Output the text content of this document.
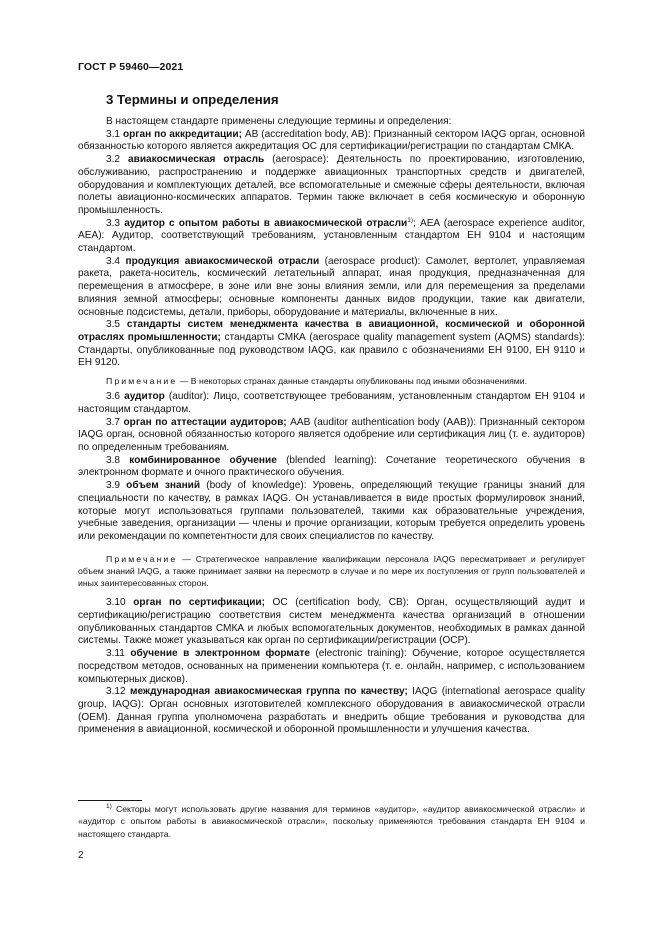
ГОСТ Р 59460—2021
3 Термины и определения

В настоящем стандарте применены следующие термины и определения:

3.1 орган по аккредитации; AB (accreditation body, AB): Признанный сектором IAQG орган, основной обязанностью которого является аккредитация ОС для сертификации/регистрации по стандартам СМКА.

3.2 авиакосмическая отрасль (aerospace): Деятельность по проектированию, изготовлению, обслуживанию, распространению и поддержке авиационных транспортных средств и двигателей, оборудования и комплектующих деталей, все вспомогательные и смежные сферы деятельности, включая полеты авиационно-космических аппаратов. Термин также включает в себя космическую и оборонную промышленность.

3.3 аудитор с опытом работы в авиакосмической отрасли$^{1)}$; AEA (aerospace experience auditor, AEA): Аудитор, соответствующий требованиям, установленным стандартом ЕН 9104 и настоящим стандартом.

3.4 продукция авиакосмической отрасли (aerospace product): Самолет, вертолет, управляемая ракета, ракета-носитель, космический летательный аппарат, иная продукция, предназначенная для перемещения в атмосфере, в зоне или вне зоны влияния земли, или для перемещения за пределами влияния земной атмосферы; основные компоненты данных видов продукции, такие как двигатели, основные подсистемы, детали, приборы, оборудование и материалы, включенные в них.

3.5 стандарты систем менеджмента качества в авиационной, космической и оборонной отраслях промышленности; стандарты СМКА (aerospace quality management system (AQMS) standards): Стандарты, опубликованные под руководством IAQG, как правило с обозначениями ЕН 9100, ЕН 9110 и ЕН 9120.

Примечание — В некоторых странах данные стандарты опубликованы под иными обозначениями.

3.6 аудитор (auditor): Лицо, соответствующее требованиям, установленным стандартом ЕН 9104 и настоящим стандартом.

3.7 орган по аттестации аудиторов; AAB (auditor authentication body (AAB)): Признанный сектором IAQG орган, основной обязанностью которого является одобрение или сертификация лиц (т. е. аудиторов) по определенным требованиям.

3.8 комбинированное обучение (blended learning): Сочетание теоретического обучения в электронном формате и очного практического обучения.

3.9 объем знаний (body of knowledge): Уровень, определяющий текущие границы знаний для специальности по качеству, в рамках IAQG. Он устанавливается в виде простых формулировок знаний, которые могут использоваться группами пользователей, такими как образовательные учреждения, учебные заведения, организации — члены и прочие организации, которым требуется определить уровень или рекомендации по компетентности для своих специалистов по качеству.

Примечание — Стратегическое направление квалификации персонала IAQG пересматривает и регулирует объем знаний IAQG, а также принимает заявки на пересмотр в случае и по мере их поступления от групп пользователей и иных заинтересованных сторон.

3.10 орган по сертификации; ОС (certification body, CB): Орган, осуществляющий аудит и сертификацию/регистрацию соответствия систем менеджмента качества организаций в отношении опубликованных стандартов СМКА и любых вспомогательных документов, необходимых в рамках данной системы. Также может указываться как орган по сертификации/регистрации (OCP).

3.11 обучение в электронном формате (electronic training): Обучение, которое осуществляется посредством методов, основанных на применении компьютера (т. е. онлайн, например, с использованием компьютерных дисков).

3.12 международная авиакосмическая группа по качеству; IAQG (international aerospace quality group, IAQG): Орган основных изготовителей комплексного оборудования в авиакосмической отрасли (OEM). Данная группа уполномочена разработать и внедрить общие требования и руководства для применения в авиационной, космической и оборонной промышленности и улучшения качества.

$^{1)}$ Секторы могут использовать другие названия для терминов «аудитор», «аудитор авиакосмической отрасли» и «аудитор с опытом работы в авиакосмической отрасли», поскольку применяются требования стандарта ЕН 9104 и настоящего стандарта.

2
